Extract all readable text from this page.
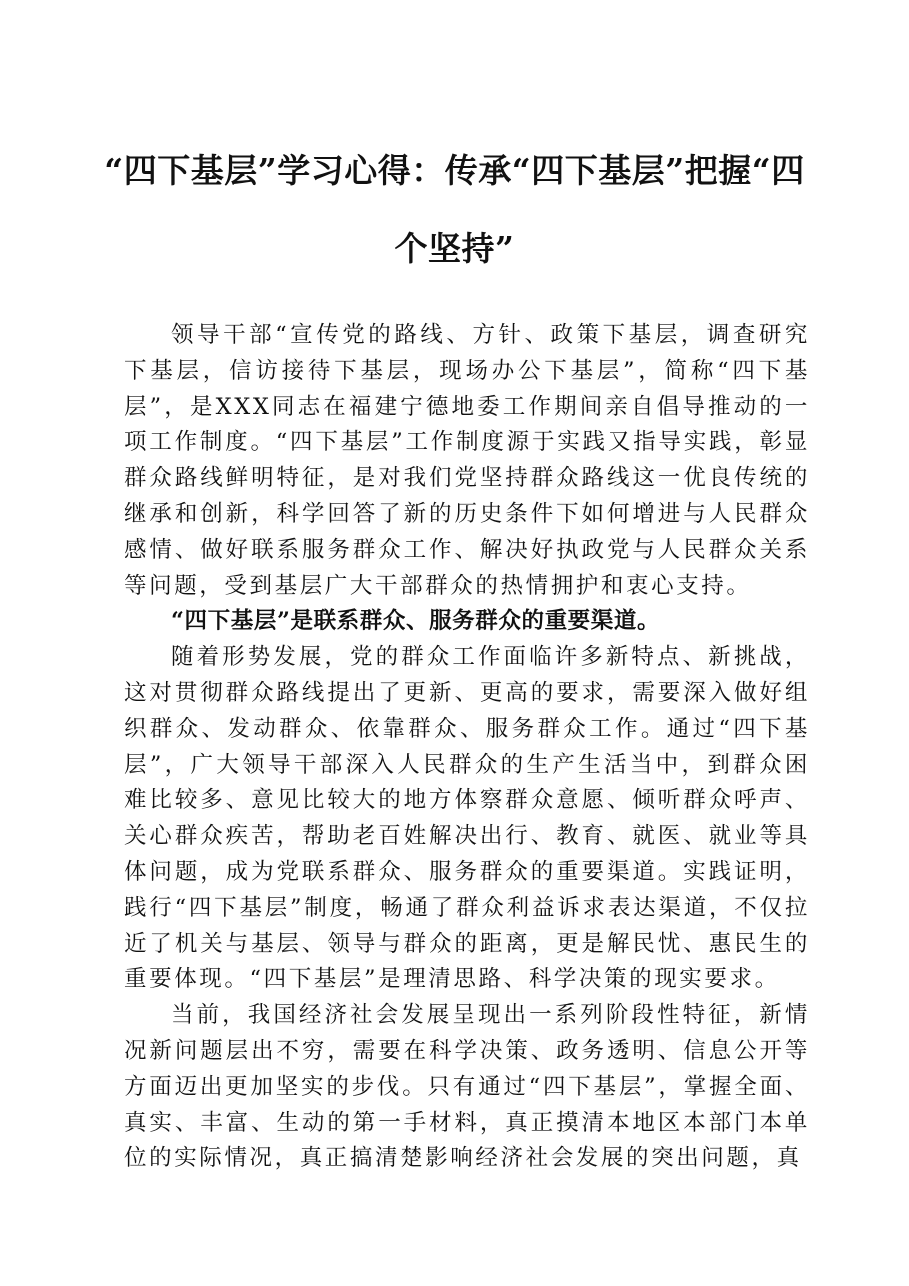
“四下基层”学习心得：传承“四下基层”把握“四个坚持”

领导干部“宣传党的路线、方针、政策下基层，调查研究下基层，信访接待下基层，现场办公下基层”，简称“四下基层”，是XXX同志在福建宁德地委工作期间亲自倡导推动的一项工作制度。“四下基层”工作制度源于实践又指导实践，彰显群众路线鲜明特征，是对我们党坚持群众路线这一优良传统的继承和创新，科学回答了新的历史条件下如何增进与人民群众感情、做好联系服务群众工作、解决好执政党与人民群众关系等问题，受到基层广大干部群众的热情拥护和衷心支持。

“四下基层”是联系群众、服务群众的重要渠道。

随着形势发展，党的群众工作面临许多新特点、新挑战，这对贯彻群众路线提出了更新、更高的要求，需要深入做好组织群众、发动群众、依靠群众、服务群众工作。通过“四下基层”，广大领导干部深入人民群众的生产生活当中，到群众困难比较多、意见比较大的地方体察群众意愿、倾听群众呼声、关心群众疾苦，帮助老百姓解决出行、教育、就医、就业等具体问题，成为党联系群众、服务群众的重要渠道。实践证明，践行“四下基层”制度，畅通了群众利益诉求表达渠道，不仅拉近了机关与基层、领导与群众的距离，更是解民忧、惠民生的重要体现。“四下基层”是理清思路、科学决策的现实要求。

当前，我国经济社会发展呈现出一系列阶段性特征，新情况新问题层出不穷，需要在科学决策、政务透明、信息公开等方面迈出更加坚实的步伐。只有通过“四下基层”，掌握全面、真实、丰富、生动的第一手材料，真正摸清本地区本部门本单位的实际情况，真正搞清楚影响经济社会发展的突出问题，真
